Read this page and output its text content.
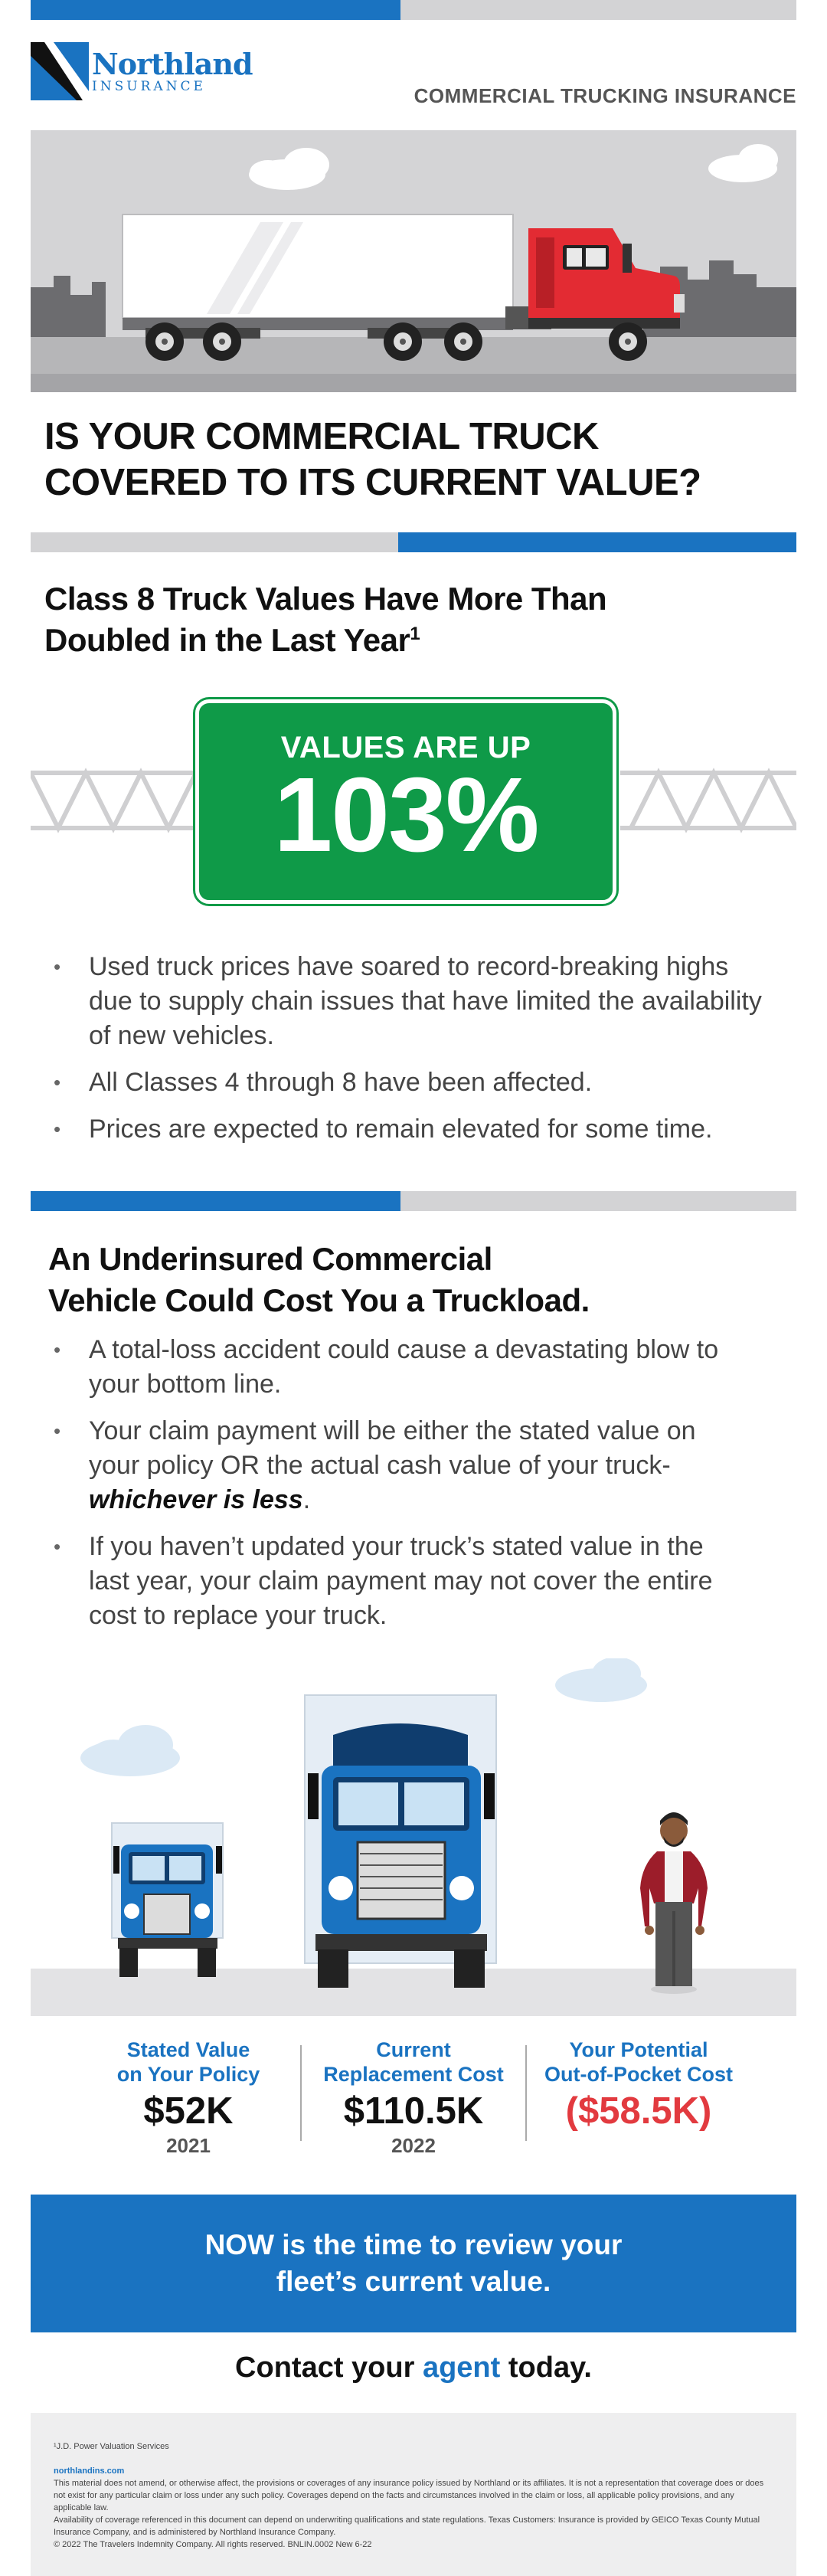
Northland
INSURANCE	COMMERCIAL TRUCKING INSURANCE
IS YOUR COMMERCIAL TRUCK
COVERED TO ITS CURRENT VALUE?
Class 8 Truck Values Have More Than
Doubled in the Last Year$^1$
VALUES ARE UP
103%
• Used truck prices have soared to record-breaking highs due to supply chain issues that have limited the availability of new vehicles.
• All Classes 4 through 8 have been affected.
• Prices are expected to remain elevated for some time.
An Underinsured Commercial
Vehicle Could Cost You a Truckload.
• A total-loss accident could cause a devastating blow to your bottom line.
• Your claim payment will be either the stated value on your policy OR the actual cash value of your truck- whichever is less.
• If you haven’t updated your truck’s stated value in the last year, your claim payment may not cover the entire cost to replace your truck.
Stated Value
on Your Policy
$52K
2021
Current
Replacement Cost
$110.5K
2022
Your Potential
Out-of-Pocket Cost
($58.5K)
NOW is the time to review your
fleet’s current value.
Contact your agent today.
¹J.D. Power Valuation Services
northlandins.com
This material does not amend, or otherwise affect, the provisions or coverages of any insurance policy issued by Northland or its affiliates. It is not a representation that coverage does or does not exist for any particular claim or loss under any such policy. Coverages depend on the facts and circumstances involved in the claim or loss, all applicable policy provisions, and any applicable law.
Availability of coverage referenced in this document can depend on underwriting qualifications and state regulations. Texas Customers: Insurance is provided by GEICO Texas County Mutual Insurance Company, and is administered by Northland Insurance Company.
© 2022 The Travelers Indemnity Company. All rights reserved. BNLIN.0002 New 6-22
